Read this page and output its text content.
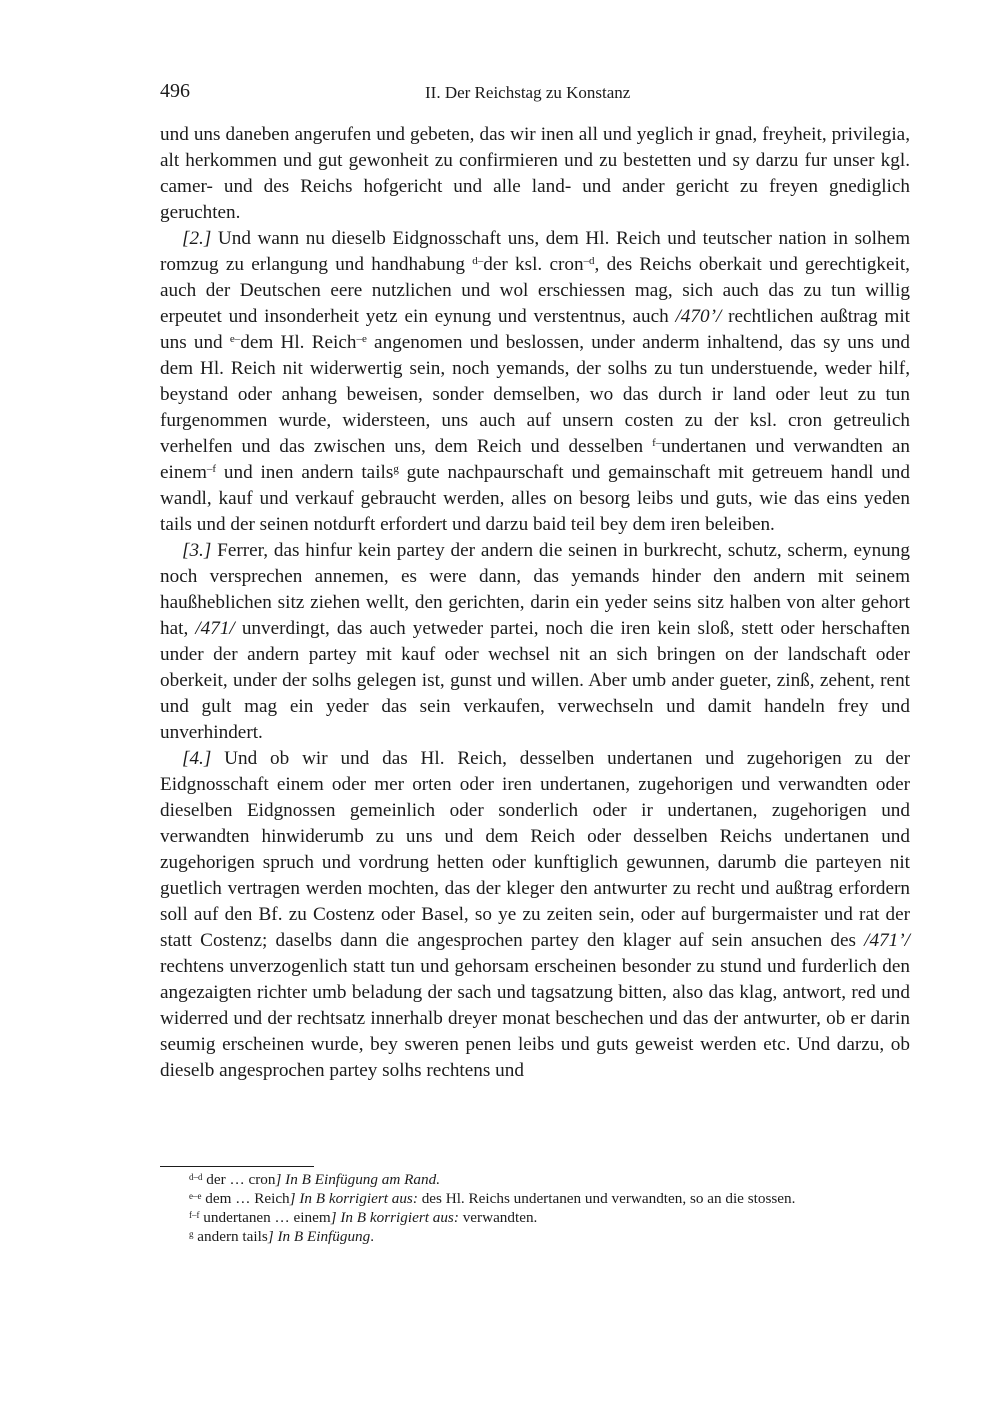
496	II. Der Reichstag zu Konstanz

und uns daneben angerufen und gebeten, das wir inen all und yeglich ir gnad, freyheit, privilegia, alt herkommen und gut gewonheit zu confirmieren und zu bestetten und sy darzu fur unser kgl. camer- und des Reichs hofgericht und alle land- und ander gericht zu freyen gnediglich geruchten.

[2.] Und wann nu dieselb Eidgnosschaft uns, dem Hl. Reich und teutscher nation in solhem romzug zu erlangung und handhabung $^{d-}$der ksl. cron$^{-d}$, des Reichs oberkait und gerechtigkeit, auch der Deutschen eere nutzlichen und wol erschiessen mag, sich auch das zu tun willig erpeutet und insonderheit yetz ein eynung und verstentnus, auch /470’/ rechtlichen außtrag mit uns und $^{e-}$dem Hl. Reich$^{-e}$ angenomen und beslossen, under anderm inhaltend, das sy uns und dem Hl. Reich nit widerwertig sein, noch yemands, der solhs zu tun understuende, weder hilf, beystand oder anhang beweisen, sonder demselben, wo das durch ir land oder leut zu tun furgenommen wurde, widersteen, uns auch auf unsern costen zu der ksl. cron getreulich verhelfen und das zwischen uns, dem Reich und desselben $^{f-}$undertanen und verwandten an einem$^{-f}$ und inen andern tails$^g$ gute nachpaurschaft und gemainschaft mit getreuem handl und wandl, kauf und verkauf gebraucht werden, alles on besorg leibs und guts, wie das eins yeden tails und der seinen notdurft erfordert und darzu baid teil bey dem iren beleiben.

[3.] Ferrer, das hinfur kein partey der andern die seinen in burkrecht, schutz, scherm, eynung noch versprechen annemen, es were dann, das yemands hinder den andern mit seinem haußheblichen sitz ziehen wellt, den gerichten, darin ein yeder seins sitz halben von alter gehort hat, /471/ unverdingt, das auch yetweder partei, noch die iren kein sloß, stett oder herschaften under der andern partey mit kauf oder wechsel nit an sich bringen on der landschaft oder oberkeit, under der solhs gelegen ist, gunst und willen. Aber umb ander gueter, zinß, zehent, rent und gult mag ein yeder das sein verkaufen, verwechseln und damit handeln frey und unverhindert.

[4.] Und ob wir und das Hl. Reich, desselben undertanen und zugehorigen zu der Eidgnosschaft einem oder mer orten oder iren undertanen, zugehorigen und verwandten oder dieselben Eidgnossen gemeinlich oder sonderlich oder ir undertanen, zugehorigen und verwandten hinwiderumb zu uns und dem Reich oder desselben Reichs undertanen und zugehorigen spruch und vordrung hetten oder kunftiglich gewunnen, darumb die parteyen nit guetlich vertragen werden mochten, das der kleger den antwurter zu recht und außtrag erfordern soll auf den Bf. zu Costenz oder Basel, so ye zu zeiten sein, oder auf burgermaister und rat der statt Costenz; daselbs dann die angesprochen partey den klager auf sein ansuchen des /471’/ rechtens unverzogenlich statt tun und gehorsam erscheinen besonder zu stund und furderlich den angezaigten richter umb beladung der sach und tagsatzung bitten, also das klag, antwort, red und widerred und der rechtsatz innerhalb dreyer monat beschechen und das der antwurter, ob er darin seumig erscheinen wurde, bey sweren penen leibs und guts geweist werden etc. Und darzu, ob dieselb angesprochen partey solhs rechtens und

$^{d-d}$ der … cron] In B Einfügung am Rand.

$^{e-e}$ dem … Reich] In B korrigiert aus: des Hl. Reichs undertanen und verwandten, so an die stossen.

$^{f-f}$ undertanen … einem] In B korrigiert aus: verwandten.

$^g$ andern tails] In B Einfügung.
